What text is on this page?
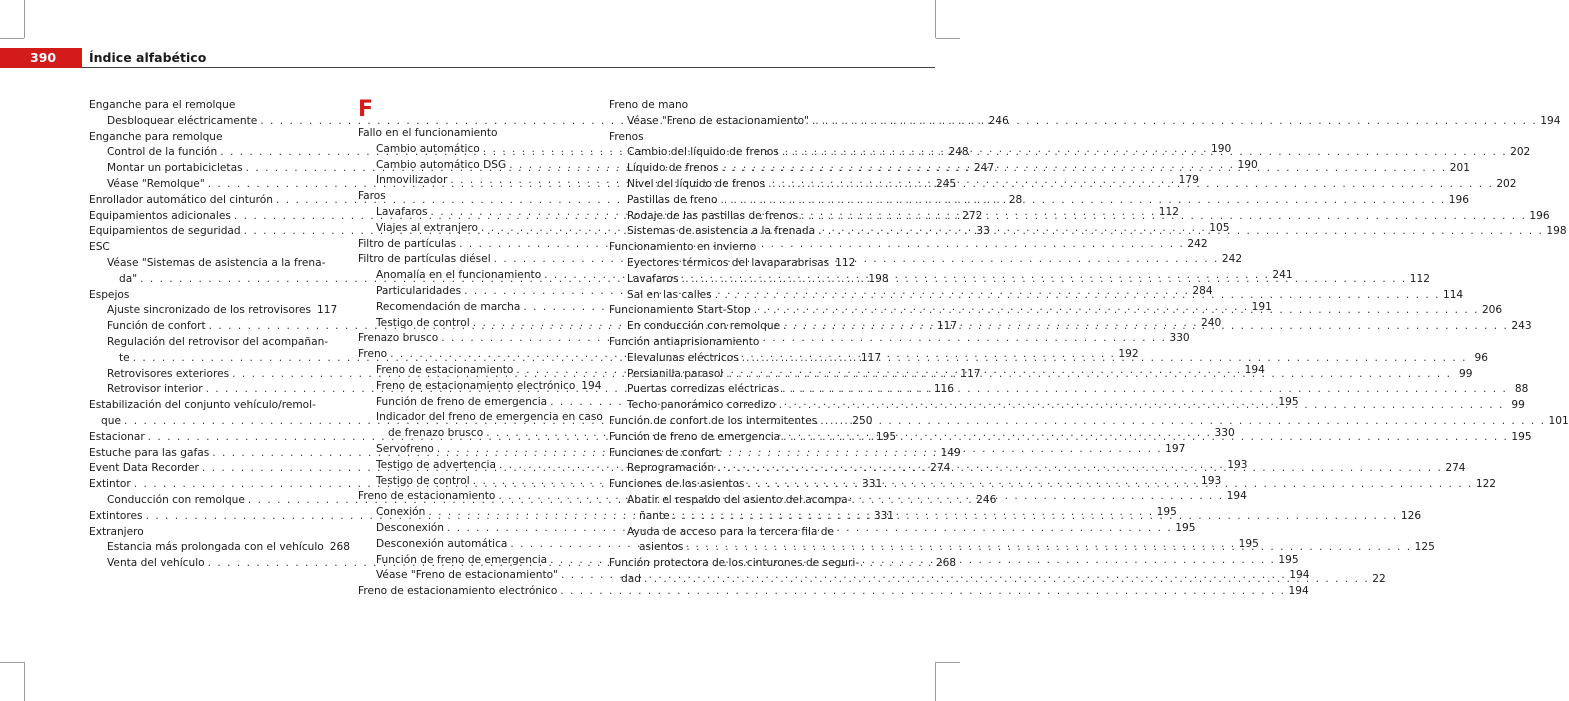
390	Índice alfabético
Enganche para el remolque
Desbloquear eléctricamente . . .	246
Enganche para remolque
Control de la función . . .	248
Montar un portabicicletas . . .	247
Véase "Remolque" . . .	245
Enrollador automático del cinturón . . .	28
Equipamientos adicionales . . .	272
Equipamientos de seguridad . . .	33
ESC
Véase "Sistemas de asistencia a la frena-
da" . . .	198
Espejos
Ajuste sincronizado de los retrovisores 117
Función de confort . . .	117
Regulación del retrovisor del acompañan-
te . . .	117
Retrovisores exteriores . . .	117
Retrovisor interior . . .	116
Estabilización del conjunto vehículo/remol-
que . . .	250
Estacionar . . .	195
Estuche para las gafas . . .	149
Event Data Recorder . . .	274
Extintor . . .	331
Conducción con remolque . . .	246
Extintores . . .	331
Extranjero
Estancia más prolongada con el vehículo 268
Venta del vehículo . . .	268
F
Fallo en el funcionamiento
Cambio automático . . .	190
Cambio automático DSG . . .	190
Inmovilizador . . .	179
Faros
Lavafaros . . .	112
Viajes al extranjero . . .	105
Filtro de partículas . . .	242
Filtro de partículas diésel . . .	242
Anomalía en el funcionamiento . . .	241
Particularidades . . .	284
Recomendación de marcha . . .	191
Testigo de control . . .	240
Frenazo brusco . . .	330
Freno . . .	192
Freno de estacionamiento . . .	194
Freno de estacionamiento electrónico 194
Función de freno de emergencia . . .	195
Indicador del freno de emergencia en caso
de frenazo brusco . . .	330
Servofreno . . .	197
Testigo de advertencia . . .	193
Testigo de control . . .	193
Freno de estacionamiento . . .	194
Conexión . . .	195
Desconexión . . .	195
Desconexión automática . . .	195
Función de freno de emergencia . . .	195
Véase "Freno de estacionamiento" . . .	194
Freno de estacionamiento electrónico . . .	194
Freno de mano
Véase "Freno de estacionamiento" . . .	194
Frenos
Cambio del líquido de frenos . . .	202
Líquido de frenos . . .	201
Nivel del líquido de frenos . . .	202
Pastillas de freno . . .	196
Rodaje de las pastillas de frenos . . .	196
Sistemas de asistencia a la frenada . . .	198
Funcionamiento en invierno
Eyectores térmicos del lavaparabrisas 112
Lavafaros . . .	112
Sal en las calles . . .	114
Funcionamiento Start-Stop . . .	206
En conducción con remolque . . .	243
Función antiaprisionamiento
Elevalunas eléctricos . . .	96
Persianilla parasol . . .	99
Puertas corredizas eléctricas . . .	88
Techo panorámico corredizo . . .	99
Función de confort de los intermitentes . . .	101
Función de freno de emergencia . . .	195
Funciones de confort
Reprogramación . . .	274
Funciones de los asientos . . .	122
Abatir el respaldo del asiento del acompa-
ñante . . .	126
Ayuda de acceso para la tercera fila de
asientos . . .	125
Función protectora de los cinturones de seguri-
dad . . .	22
